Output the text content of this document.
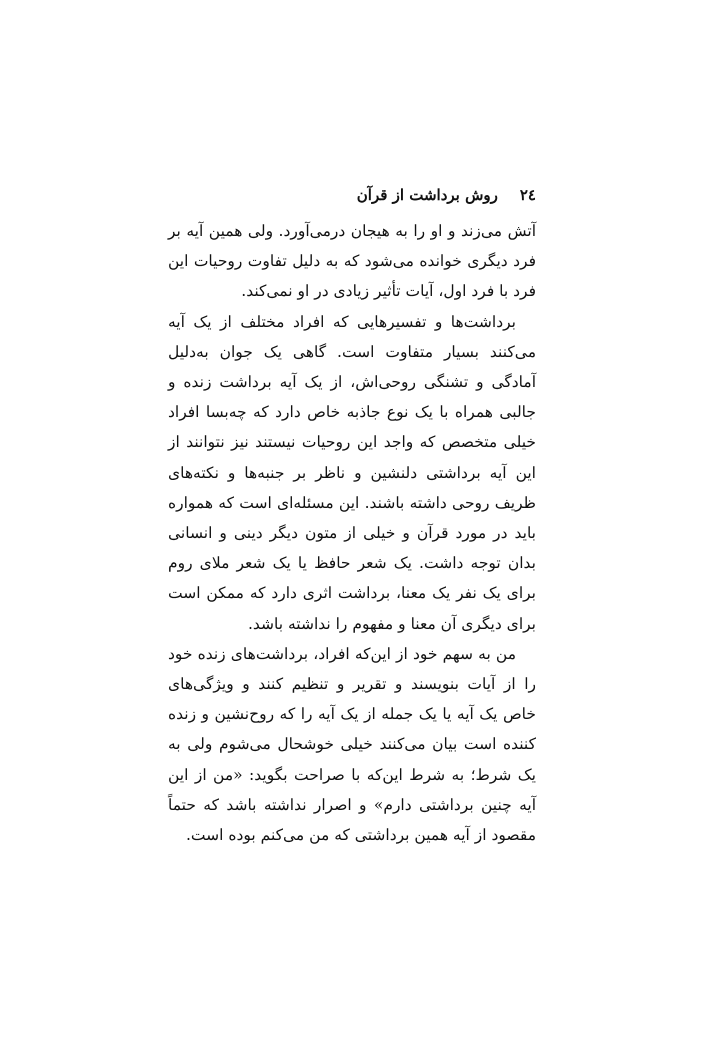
٢٤
روش برداشت از قرآن

آتش می‌زند و او را به هیجان درمی‌آورد. ولی همین آیه بر فرد دیگری خوانده می‌شود که به دلیل تفاوت روحیات این فرد با فرد اول، آیات تأثیر زیادی در او نمی‌کند.

برداشت‌ها و تفسیرهایی که افراد مختلف از یک آیه می‌کنند بسیار متفاوت است. گاهی یک جوان به‌دلیل آمادگی و تشنگی روحی‌اش، از یک آیه برداشت زنده و جالبی همراه با یک نوع جاذبه خاص دارد که چه‌بسا افراد خیلی متخصص که واجد این روحیات نیستند نیز نتوانند از این آیه برداشتی دلنشین و ناظر بر جنبه‌ها و نکته‌های ظریف روحی داشته باشند. این مسئله‌ای است که همواره باید در مورد قرآن و خیلی از متون دیگر دینی و انسانی بدان توجه داشت. یک شعر حافظ یا یک شعر ملای روم برای یک نفر یک معنا، برداشت اثری دارد که ممکن است برای دیگری آن معنا و مفهوم را نداشته باشد.

من به سهم خود از این‌که افراد، برداشت‌های زنده خود را از آیات بنویسند و تقریر و تنظیم کنند و ویژگی‌های خاص یک آیه یا یک جمله از یک آیه را که روح‌نشین و زنده کننده است بیان می‌کنند خیلی خوشحال می‌شوم ولی به یک شرط؛ به شرط این‌که با صراحت بگوید: «من از این آیه چنین برداشتی دارم» و اصرار نداشته باشد که حتماً مقصود از آیه همین برداشتی که من می‌کنم بوده است.
